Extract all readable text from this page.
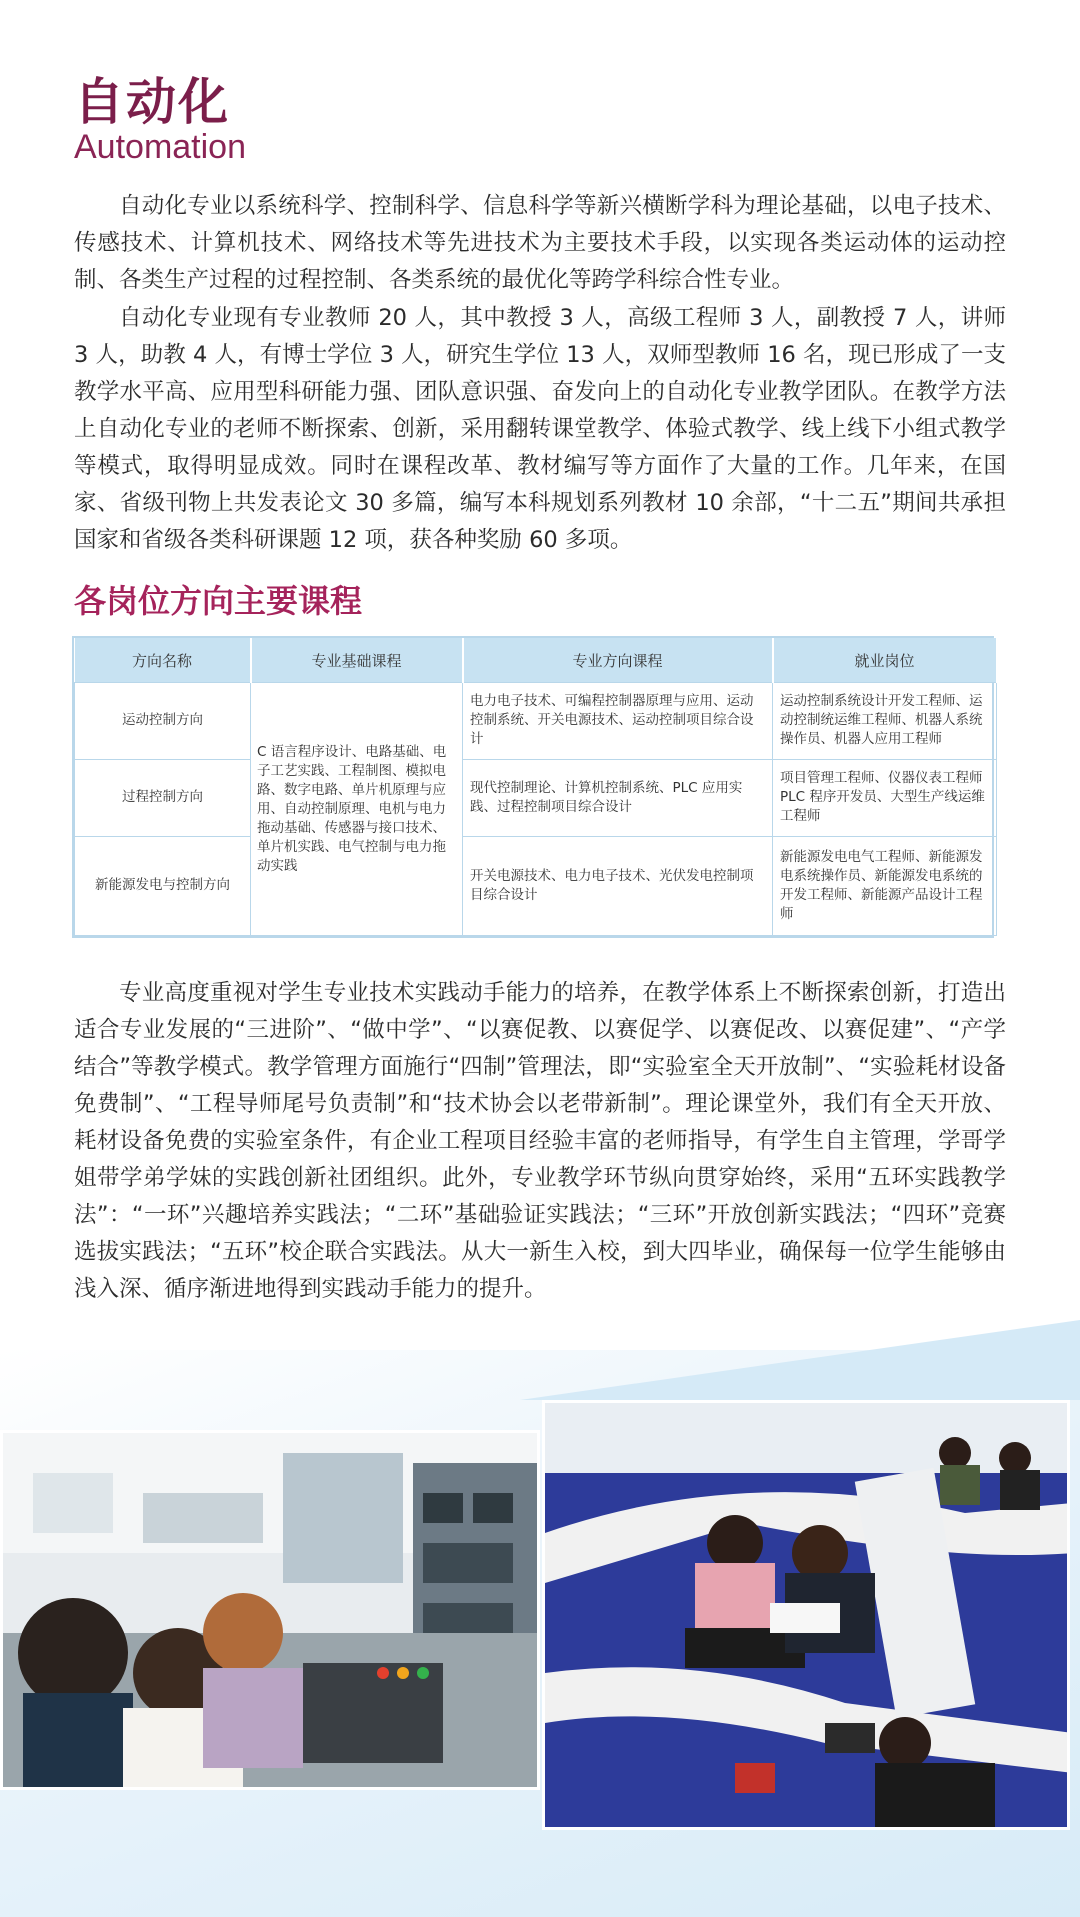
自动化
Automation

自动化专业以系统科学、控制科学、信息科学等新兴横断学科为理论基础，以电子技术、传感技术、计算机技术、网络技术等先进技术为主要技术手段，以实现各类运动体的运动控制、各类生产过程的过程控制、各类系统的最优化等跨学科综合性专业。

自动化专业现有专业教师 20 人，其中教授 3 人，高级工程师 3 人，副教授 7 人，讲师 3 人，助教 4 人，有博士学位 3 人，研究生学位 13 人，双师型教师 16 名，现已形成了一支教学水平高、应用型科研能力强、团队意识强、奋发向上的自动化专业教学团队。在教学方法上自动化专业的老师不断探索、创新，采用翻转课堂教学、体验式教学、线上线下小组式教学等模式，取得明显成效。同时在课程改革、教材编写等方面作了大量的工作。几年来，在国家、省级刊物上共发表论文 30 多篇，编写本科规划系列教材 10 余部，“十二五”期间共承担国家和省级各类科研课题 12 项，获各种奖励 60 多项。

各岗位方向主要课程
方向名称	专业基础课程	专业方向课程	就业岗位
运动控制方向	C 语言程序设计、电路基础、电子工艺实践、工程制图、模拟电路、数字电路、单片机原理与应用、自动控制原理、电机与电力拖动基础、传感器与接口技术、单片机实践、电气控制与电力拖动实践	电力电子技术、可编程控制器原理与应用、运动控制系统、开关电源技术、运动控制项目综合设计	运动控制系统设计开发工程师、运动控制统运维工程师、机器人系统操作员、机器人应用工程师
过程控制方向		现代控制理论、计算机控制系统、PLC 应用实践、过程控制项目综合设计	项目管理工程师、仪器仪表工程师 PLC 程序开发员、大型生产线运维工程师
新能源发电与控制方向		开关电源技术、电力电子技术、光伏发电控制项目综合设计	新能源发电电气工程师、新能源发电系统操作员、新能源发电系统的开发工程师、新能源产品设计工程师

专业高度重视对学生专业技术实践动手能力的培养，在教学体系上不断探索创新，打造出适合专业发展的“三进阶”、“做中学”、“以赛促教、以赛促学、以赛促改、以赛促建”、“产学结合”等教学模式。教学管理方面施行“四制”管理法，即“实验室全天开放制”、“实验耗材设备免费制”、“工程导师尾号负责制”和“技术协会以老带新制”。理论课堂外，我们有全天开放、耗材设备免费的实验室条件，有企业工程项目经验丰富的老师指导，有学生自主管理，学哥学姐带学弟学妹的实践创新社团组织。此外，专业教学环节纵向贯穿始终，采用“五环实践教学法”：“一环”兴趣培养实践法；“二环”基础验证实践法；“三环”开放创新实践法；“四环”竞赛选拔实践法；“五环”校企联合实践法。从大一新生入校，到大四毕业，确保每一位学生能够由浅入深、循序渐进地得到实践动手能力的提升。
